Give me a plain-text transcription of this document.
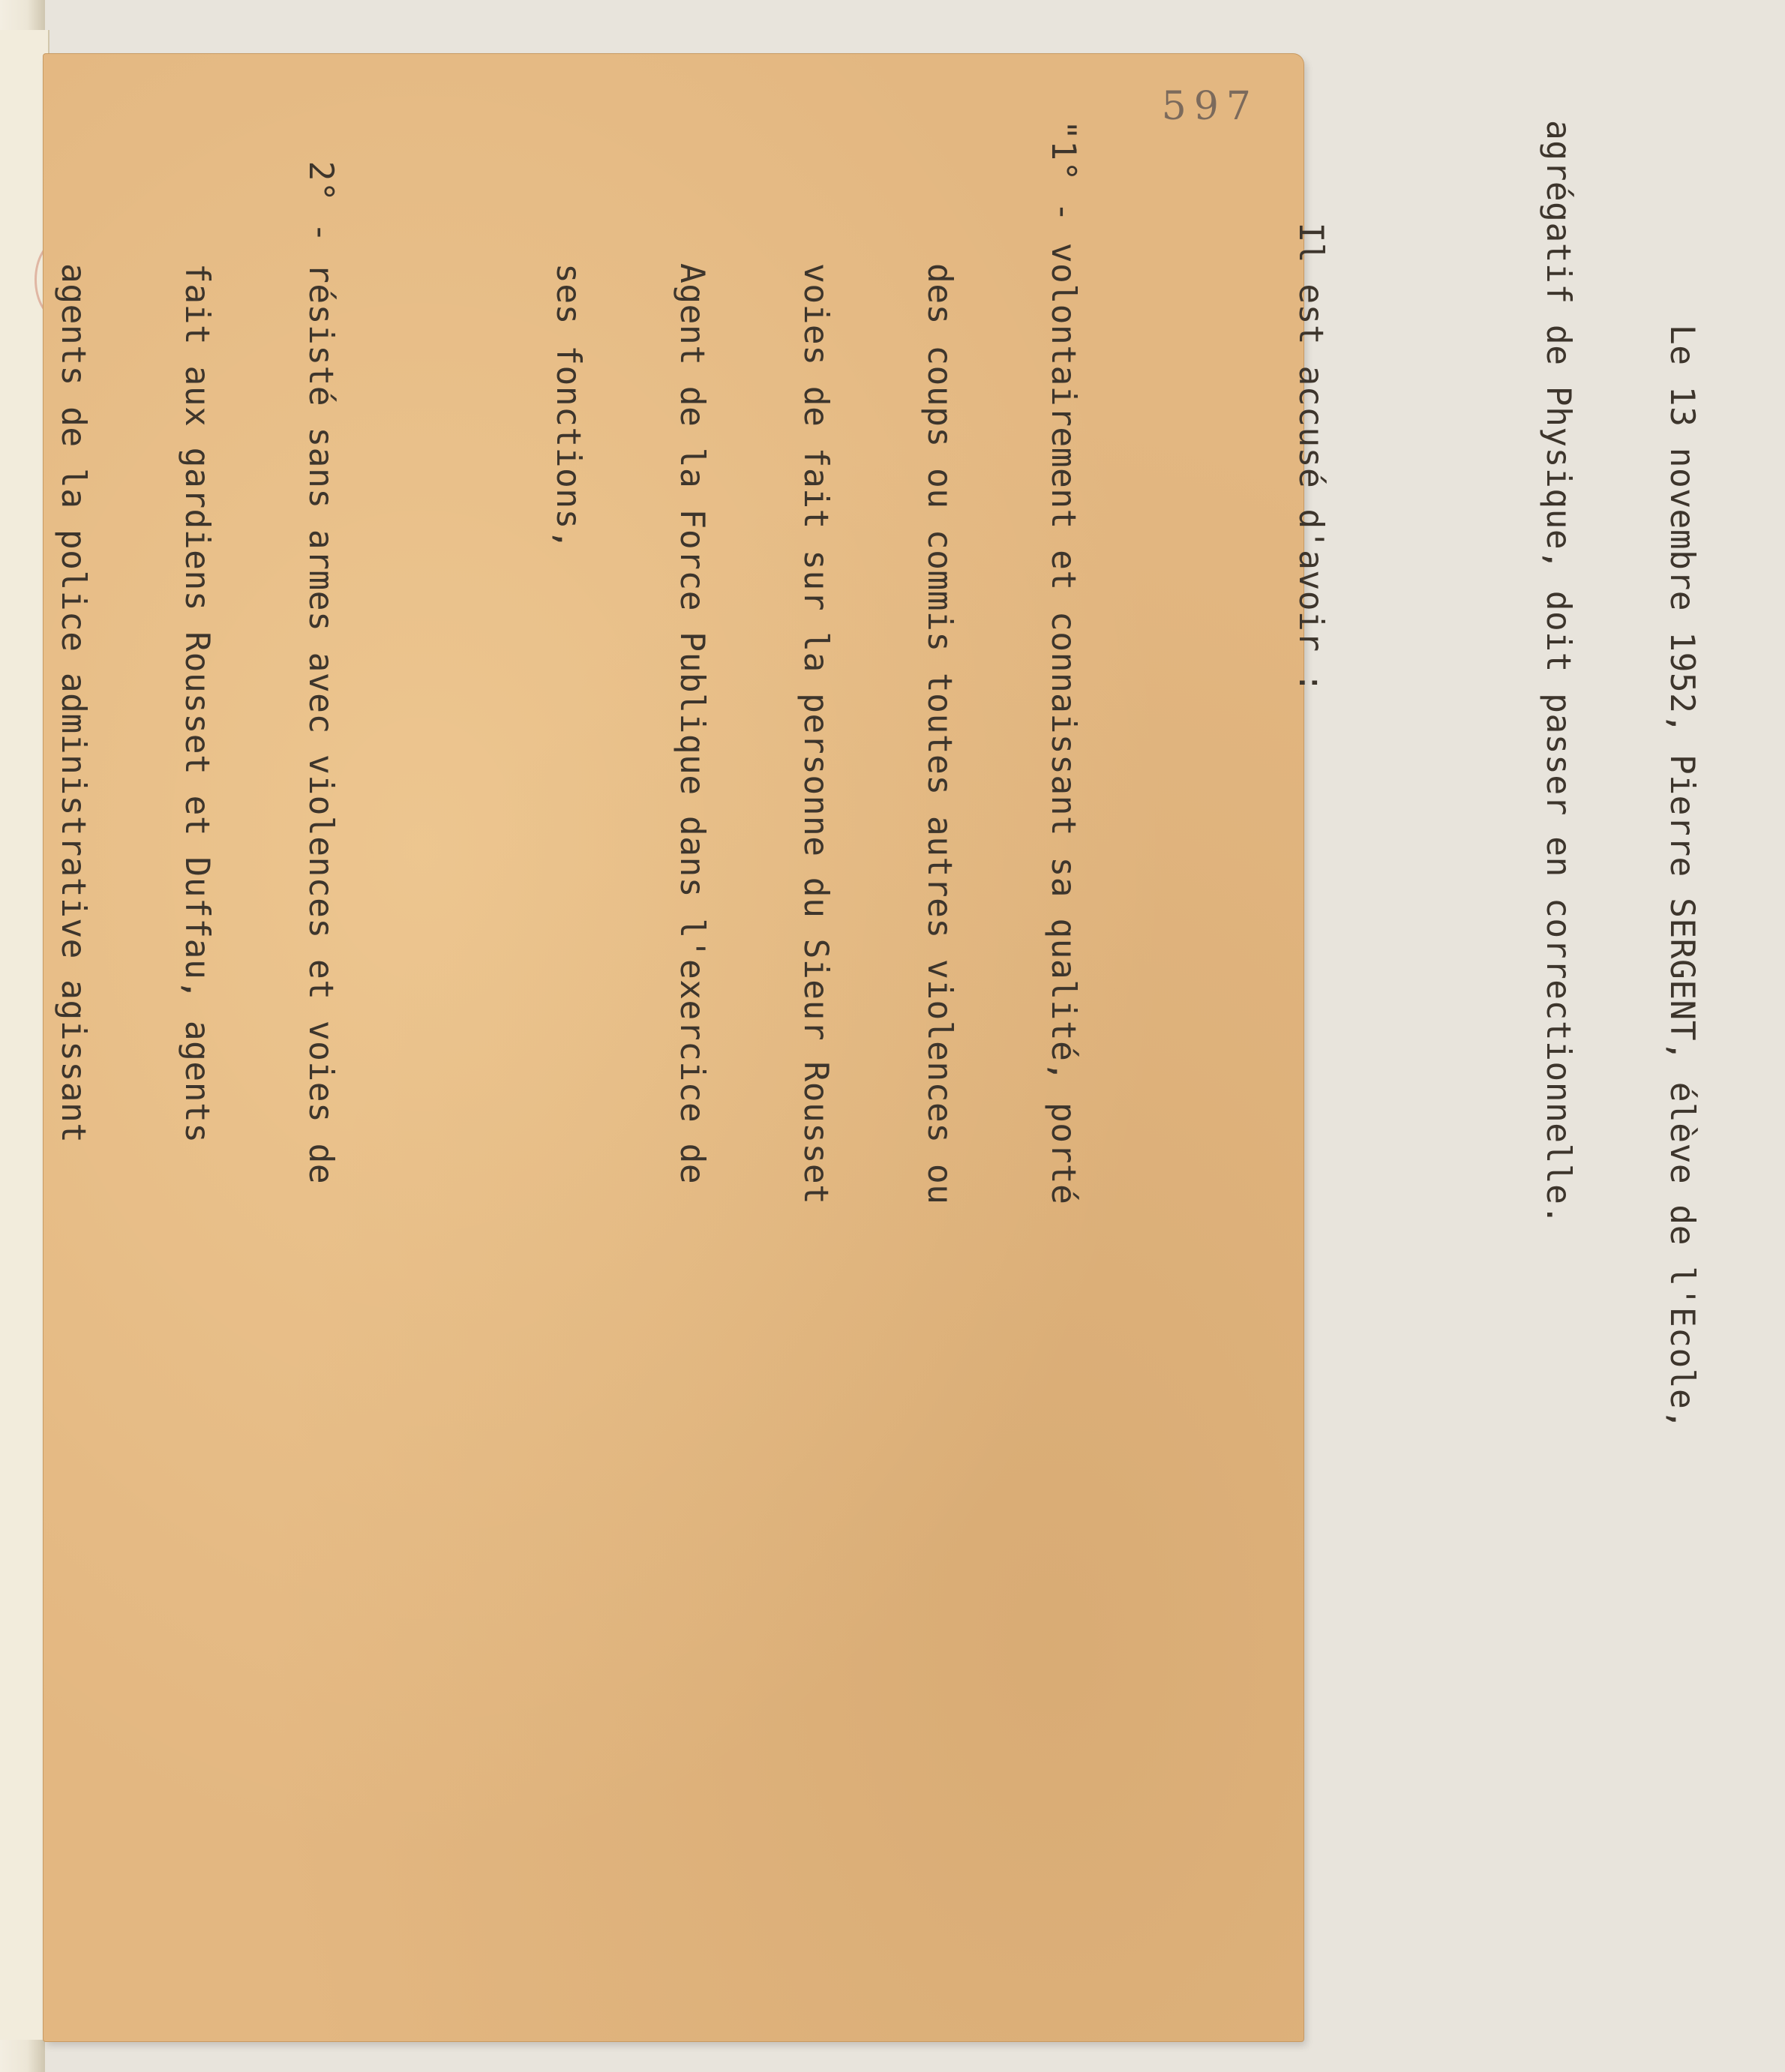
597

Le 13 novembre 1952, Pierre SERGENT, élève de l'Ecole,

agrégatif de Physique, doit passer en correctionnelle.

Il est accusé d'avoir :

"1° - volontairement et connaissant sa qualité, porté

des coups ou commis toutes autres violences ou

voies de fait sur la personne du Sieur Rousset

Agent de la Force Publique dans l'exercice de

ses fonctions,

2° - résisté sans armes avec violences et voies de

fait aux gardiens Rousset et Duffau, agents

agents de la police administrative agissant
